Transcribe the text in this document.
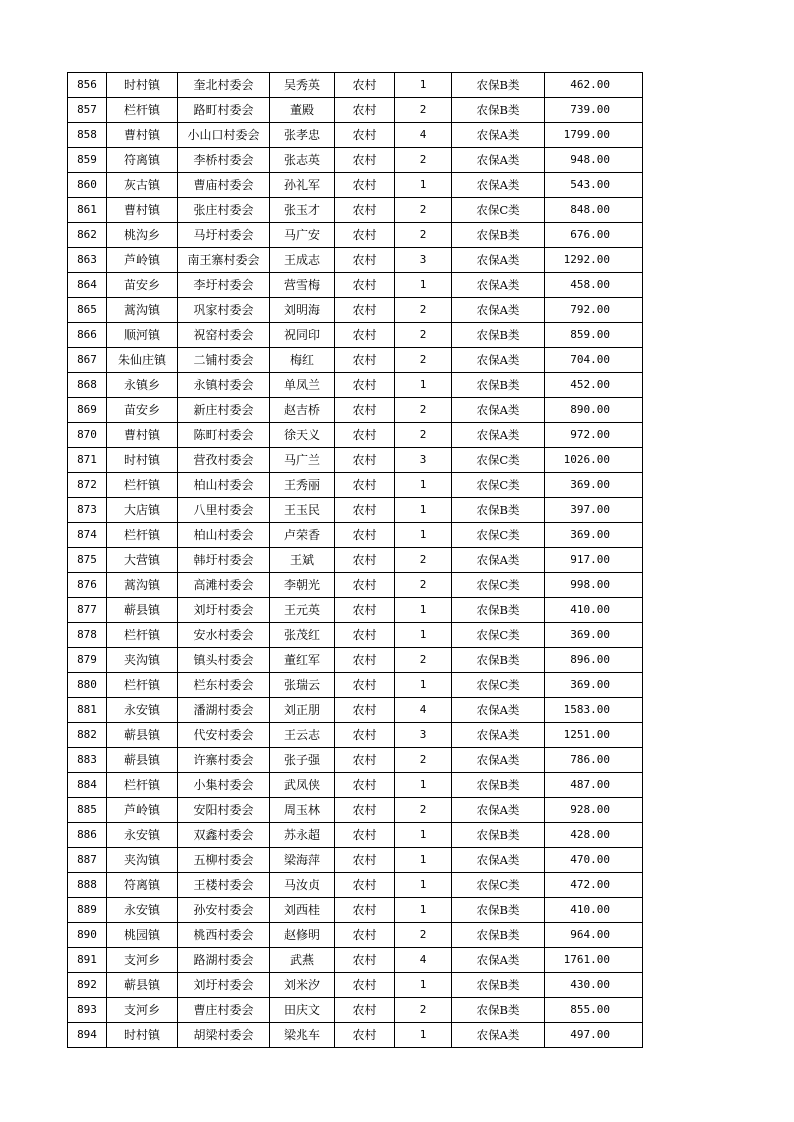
856	时村镇	奎北村委会	吴秀英	农村	1	农保B类	462.00
857	栏杆镇	路町村委会	董殿	农村	2	农保B类	739.00
858	曹村镇	小山口村委会	张孝忠	农村	4	农保A类	1799.00
859	符离镇	李桥村委会	张志英	农村	2	农保A类	948.00
860	灰古镇	曹庙村委会	孙礼军	农村	1	农保A类	543.00
861	曹村镇	张庄村委会	张玉才	农村	2	农保C类	848.00
862	桃沟乡	马圩村委会	马广安	农村	2	农保B类	676.00
863	芦岭镇	南王寨村委会	王成志	农村	3	农保A类	1292.00
864	苗安乡	李圩村委会	营雪梅	农村	1	农保A类	458.00
865	蒿沟镇	巩家村委会	刘明海	农村	2	农保A类	792.00
866	顺河镇	祝窑村委会	祝同印	农村	2	农保B类	859.00
867	朱仙庄镇	二铺村委会	梅红	农村	2	农保A类	704.00
868	永镇乡	永镇村委会	单凤兰	农村	1	农保B类	452.00
869	苗安乡	新庄村委会	赵吉桥	农村	2	农保A类	890.00
870	曹村镇	陈町村委会	徐天义	农村	2	农保A类	972.00
871	时村镇	营孜村委会	马广兰	农村	3	农保C类	1026.00
872	栏杆镇	柏山村委会	王秀丽	农村	1	农保C类	369.00
873	大店镇	八里村委会	王玉民	农村	1	农保B类	397.00
874	栏杆镇	柏山村委会	卢荣香	农村	1	农保C类	369.00
875	大营镇	韩圩村委会	王斌	农村	2	农保A类	917.00
876	蒿沟镇	高滩村委会	李朝光	农村	2	农保C类	998.00
877	蕲县镇	刘圩村委会	王元英	农村	1	农保B类	410.00
878	栏杆镇	安水村委会	张茂红	农村	1	农保C类	369.00
879	夹沟镇	镇头村委会	董红军	农村	2	农保B类	896.00
880	栏杆镇	栏东村委会	张瑞云	农村	1	农保C类	369.00
881	永安镇	潘湖村委会	刘正朋	农村	4	农保A类	1583.00
882	蕲县镇	代安村委会	王云志	农村	3	农保A类	1251.00
883	蕲县镇	许寨村委会	张子强	农村	2	农保A类	786.00
884	栏杆镇	小集村委会	武凤侠	农村	1	农保B类	487.00
885	芦岭镇	安阳村委会	周玉林	农村	2	农保A类	928.00
886	永安镇	双鑫村委会	苏永超	农村	1	农保B类	428.00
887	夹沟镇	五柳村委会	梁海萍	农村	1	农保A类	470.00
888	符离镇	王楼村委会	马汝贞	农村	1	农保C类	472.00
889	永安镇	孙安村委会	刘西桂	农村	1	农保B类	410.00
890	桃园镇	桃西村委会	赵修明	农村	2	农保B类	964.00
891	支河乡	路湖村委会	武燕	农村	4	农保A类	1761.00
892	蕲县镇	刘圩村委会	刘米汐	农村	1	农保B类	430.00
893	支河乡	曹庄村委会	田庆文	农村	2	农保B类	855.00
894	时村镇	胡梁村委会	梁兆车	农村	1	农保A类	497.00
